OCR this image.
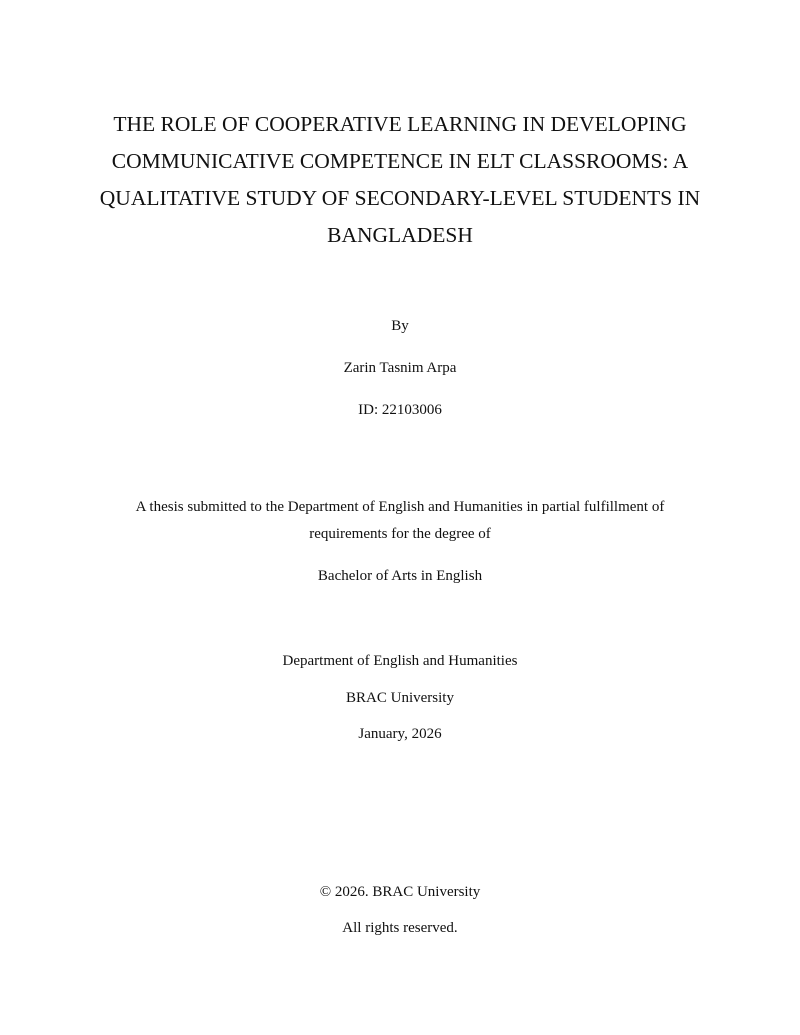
THE ROLE OF COOPERATIVE LEARNING IN DEVELOPING
COMMUNICATIVE COMPETENCE IN ELT CLASSROOMS: A
QUALITATIVE STUDY OF SECONDARY-LEVEL STUDENTS IN
BANGLADESH
By
Zarin Tasnim Arpa
ID: 22103006
A thesis submitted to the Department of English and Humanities in partial fulfillment of
requirements for the degree of
Bachelor of Arts in English
Department of English and Humanities
BRAC University
January, 2026
© 2026. BRAC University
All rights reserved.
